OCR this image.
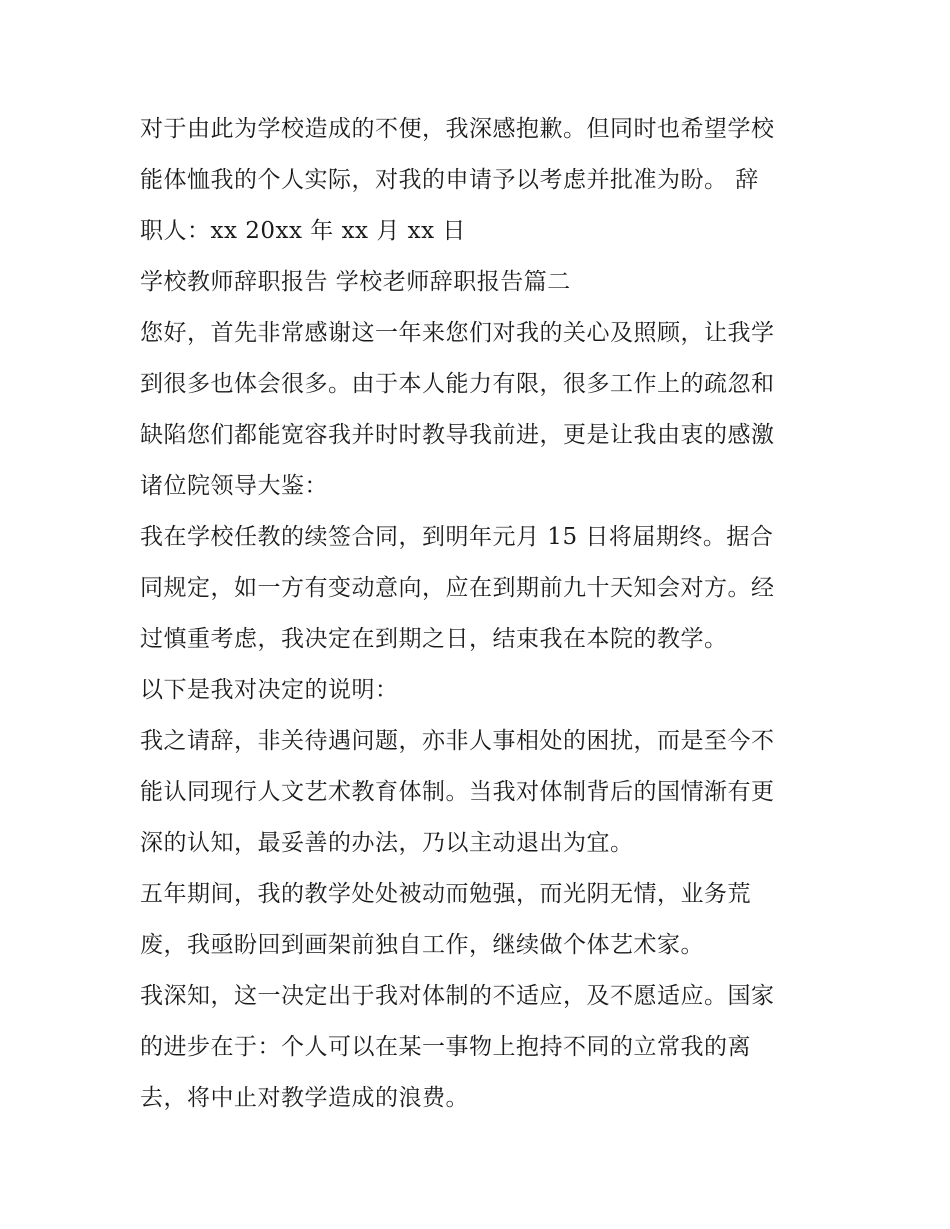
对于由此为学校造成的不便，我深感抱歉。但同时也希望学校
能体恤我的个人实际，对我的申请予以考虑并批准为盼。 辞
职人：xx 20xx 年 xx 月 xx 日
学校教师辞职报告 学校老师辞职报告篇二
您好，首先非常感谢这一年来您们对我的关心及照顾，让我学
到很多也体会很多。由于本人能力有限，很多工作上的疏忽和
缺陷您们都能宽容我并时时教导我前进，更是让我由衷的感激
诸位院领导大鉴：
我在学校任教的续签合同，到明年元月 15 日将届期终。据合
同规定，如一方有变动意向，应在到期前九十天知会对方。经
过慎重考虑，我决定在到期之日，结束我在本院的教学。
以下是我对决定的说明：
我之请辞，非关待遇问题，亦非人事相处的困扰，而是至今不
能认同现行人文艺术教育体制。当我对体制背后的国情渐有更
深的认知，最妥善的办法，乃以主动退出为宜。
五年期间，我的教学处处被动而勉强，而光阴无情，业务荒
废，我亟盼回到画架前独自工作，继续做个体艺术家。
我深知，这一决定出于我对体制的不适应，及不愿适应。国家
的进步在于：个人可以在某一事物上抱持不同的立常我的离
去，将中止对教学造成的浪费。
